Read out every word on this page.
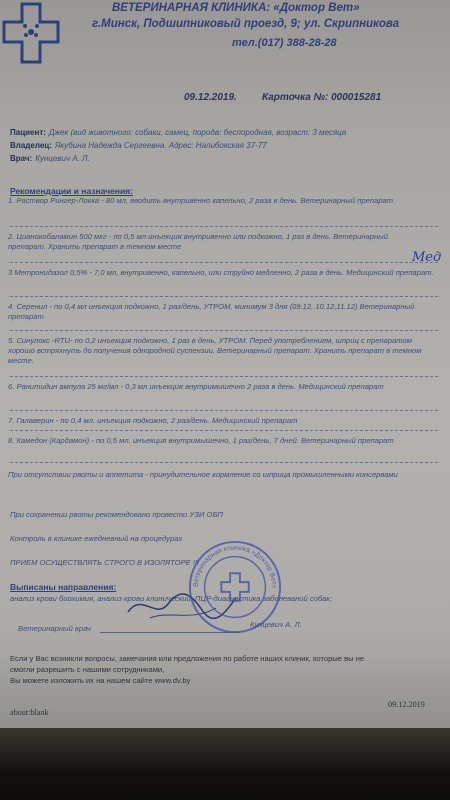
ВЕТЕРИНАРНАЯ КЛИНИКА: «Доктор Вет»
г.Минск, Подшипниковый проезд, 9; ул. Скрипникова
тел.(017) 388-28-28
09.12.2019.	Карточка №: 000015281
Пациент: Джек (вид животного: собаки, самец, порода: беспородная, возраст: 3 месяца
Владелец: Якубина Надежда Сергеевна. Адрес: Налибокская 37-77
Врач: Кунцевич А. Л.
Рекомендации и назначения:
1. Раствор Рингер-Локка - 80 мл, вводить внутривенно капельно, 2 раза в день. Ветеринарный препарат
2. Цианокобаламин 500 мкг - по 0,5 мл инъекция внутривенно или подкожно, 1 раз в день. Ветеринарный препарат. Хранить препарат в темном месте
3 Метронидазол 0,5% - 7,0 мл, внутривенно, капельно, или струйно медленно, 2 раза в день. Медицинский препарат.
4. Серенил - по 0,4 мл инъекция подкожно, 1 раз/день, УТРОМ, минимум 3 дня (09.12, 10.12,11.12) Ветеринарный препарат
5. Синулокс -RTU- по 0,2 инъекция подкожно, 1 раз в день, УТРОМ. Перед употреблением, шприц с препаратом хорошо встряхнуть до получения однородной суспензии. Ветеринарный препарат. Хранить препарат в темном месте.
6. Ранитидин ампула 25 мг/мл - 0,3 мл инъекция внутримышечно 2 раза в день. Медицинский препарат
7. Галаверин - по 0,4 мл. инъекция подкожно, 2 раз/день. Медицинский препарат
8. Камедон (Кардамон) - по 0,5 мл. инъекция внутримышечно, 1 раз/день, 7 дней. Ветеринарный препарат
При отсутствии рвоты и аппетита - принудительное кормление со шприца промышленными консервами
При сохранении рвоты рекомендовано провести УЗИ ОБП
Контроль в клинике ежедневный на процедурах
ПРИЕМ ОСУЩЕСТВЛЯТЬ СТРОГО В ИЗОЛЯТОРЕ !!!
Выписаны направления:
анализ крови биохимия, анализ крови клинический, ПЦР-диагностика заболеваний собак;
Ветеринарный врач	Кунцевич А. Л.
Ветеринарная клиника «Доктор Вет»
Если у Вас возникли вопросы, замечания или предложения по работе наших клиник, которые вы не
смогли разрешить с нашими сотрудниками,
Вы можете изложить их на нашем сайте www.dv.by
about:blank
09.12.2019
Мед
